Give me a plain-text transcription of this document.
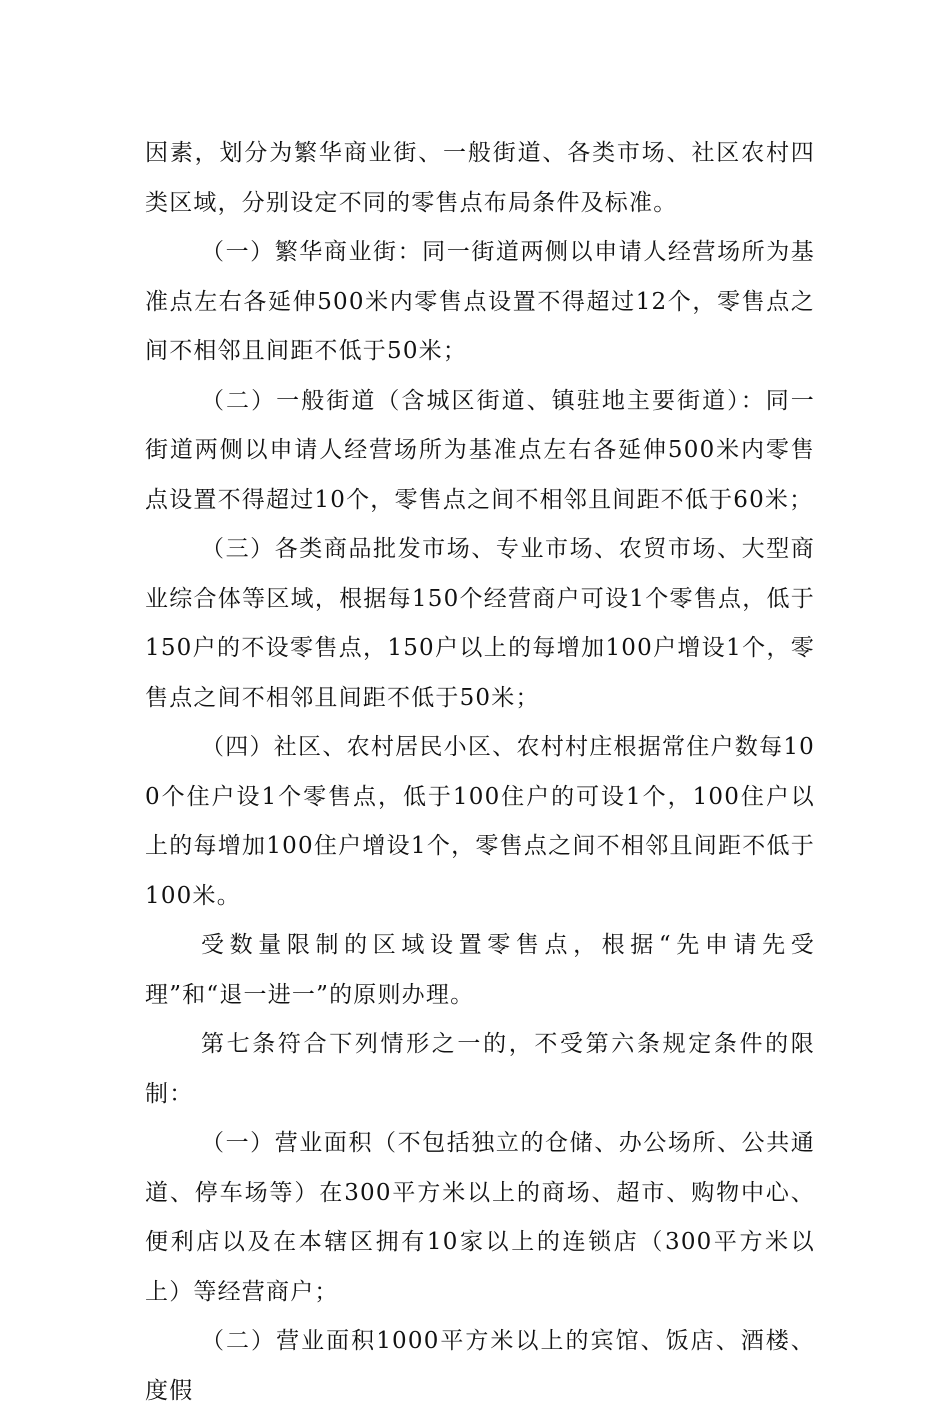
因素，划分为繁华商业街、一般街道、各类市场、社区农村四类区域，分别设定不同的零售点布局条件及标准。

（一）繁华商业街：同一街道两侧以申请人经营场所为基准点左右各延伸500米内零售点设置不得超过12个，零售点之间不相邻且间距不低于50米；

（二）一般街道（含城区街道、镇驻地主要街道）：同一街道两侧以申请人经营场所为基准点左右各延伸500米内零售点设置不得超过10个，零售点之间不相邻且间距不低于60米；

（三）各类商品批发市场、专业市场、农贸市场、大型商业综合体等区域，根据每150个经营商户可设1个零售点，低于150户的不设零售点，150户以上的每增加100户增设1个，零售点之间不相邻且间距不低于50米；

（四）社区、农村居民小区、农村村庄根据常住户数每100个住户设1个零售点，低于100住户的可设1个，100住户以上的每增加100住户增设1个，零售点之间不相邻且间距不低于100米。

受数量限制的区域设置零售点，根据“先申请先受理”和“退一进一”的原则办理。

第七条符合下列情形之一的，不受第六条规定条件的限制：

（一）营业面积（不包括独立的仓储、办公场所、公共通道、停车场等）在300平方米以上的商场、超市、购物中心、便利店以及在本辖区拥有10家以上的连锁店（300平方米以上）等经营商户；

（二）营业面积1000平方米以上的宾馆、饭店、酒楼、度假
